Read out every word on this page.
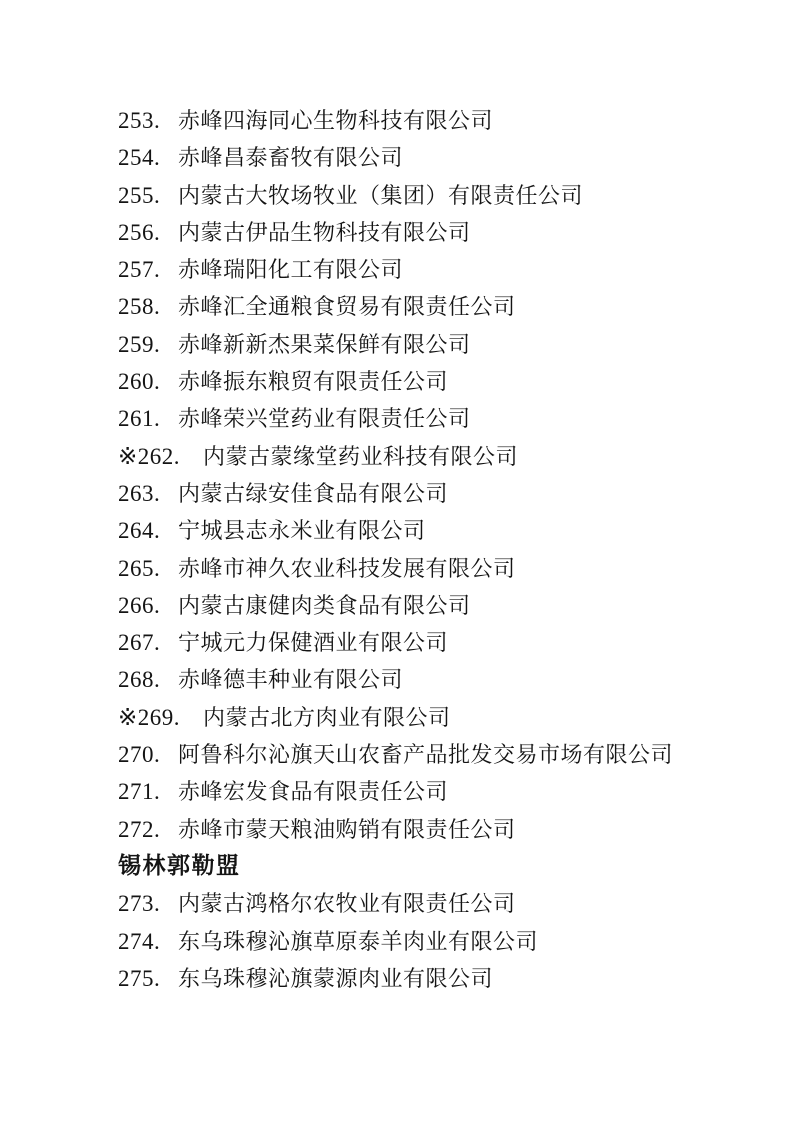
253. 赤峰四海同心生物科技有限公司
254. 赤峰昌泰畜牧有限公司
255. 内蒙古大牧场牧业（集团）有限责任公司
256. 内蒙古伊品生物科技有限公司
257. 赤峰瑞阳化工有限公司
258. 赤峰汇全通粮食贸易有限责任公司
259. 赤峰新新杰果菜保鲜有限公司
260. 赤峰振东粮贸有限责任公司
261. 赤峰荣兴堂药业有限责任公司
※262. 内蒙古蒙缘堂药业科技有限公司
263. 内蒙古绿安佳食品有限公司
264. 宁城县志永米业有限公司
265. 赤峰市神久农业科技发展有限公司
266. 内蒙古康健肉类食品有限公司
267. 宁城元力保健酒业有限公司
268. 赤峰德丰种业有限公司
※269. 内蒙古北方肉业有限公司
270. 阿鲁科尔沁旗天山农畜产品批发交易市场有限公司
271. 赤峰宏发食品有限责任公司
272. 赤峰市蒙天粮油购销有限责任公司
锡林郭勒盟
273. 内蒙古鸿格尔农牧业有限责任公司
274. 东乌珠穆沁旗草原泰羊肉业有限公司
275. 东乌珠穆沁旗蒙源肉业有限公司
